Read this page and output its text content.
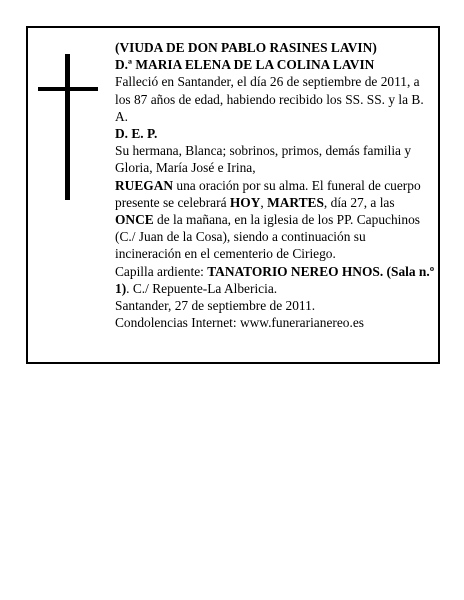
(VIUDA DE DON PABLO RASINES LAVIN)

D.ª MARIA ELENA DE LA COLINA LAVIN

Falleció en Santander, el día 26 de septiembre de 2011, a los 87 años de edad, habiendo recibido los SS. SS. y la B. A.

D. E. P.

Su hermana, Blanca; sobrinos, primos, demás familia y Gloria, María José e Irina,

RUEGAN una oración por su alma. El funeral de cuerpo presente se celebrará HOY, MARTES, día 27, a las ONCE de la mañana, en la iglesia de los PP. Capuchinos (C./ Juan de la Cosa), siendo a continuación su incineración en el cementerio de Ciriego.

Capilla ardiente: TANATORIO NEREO HNOS. (Sala n.º 1). C./ Repuente-La Albericia.

Santander, 27 de septiembre de 2011.

Condolencias Internet: www.funerarianereo.es
